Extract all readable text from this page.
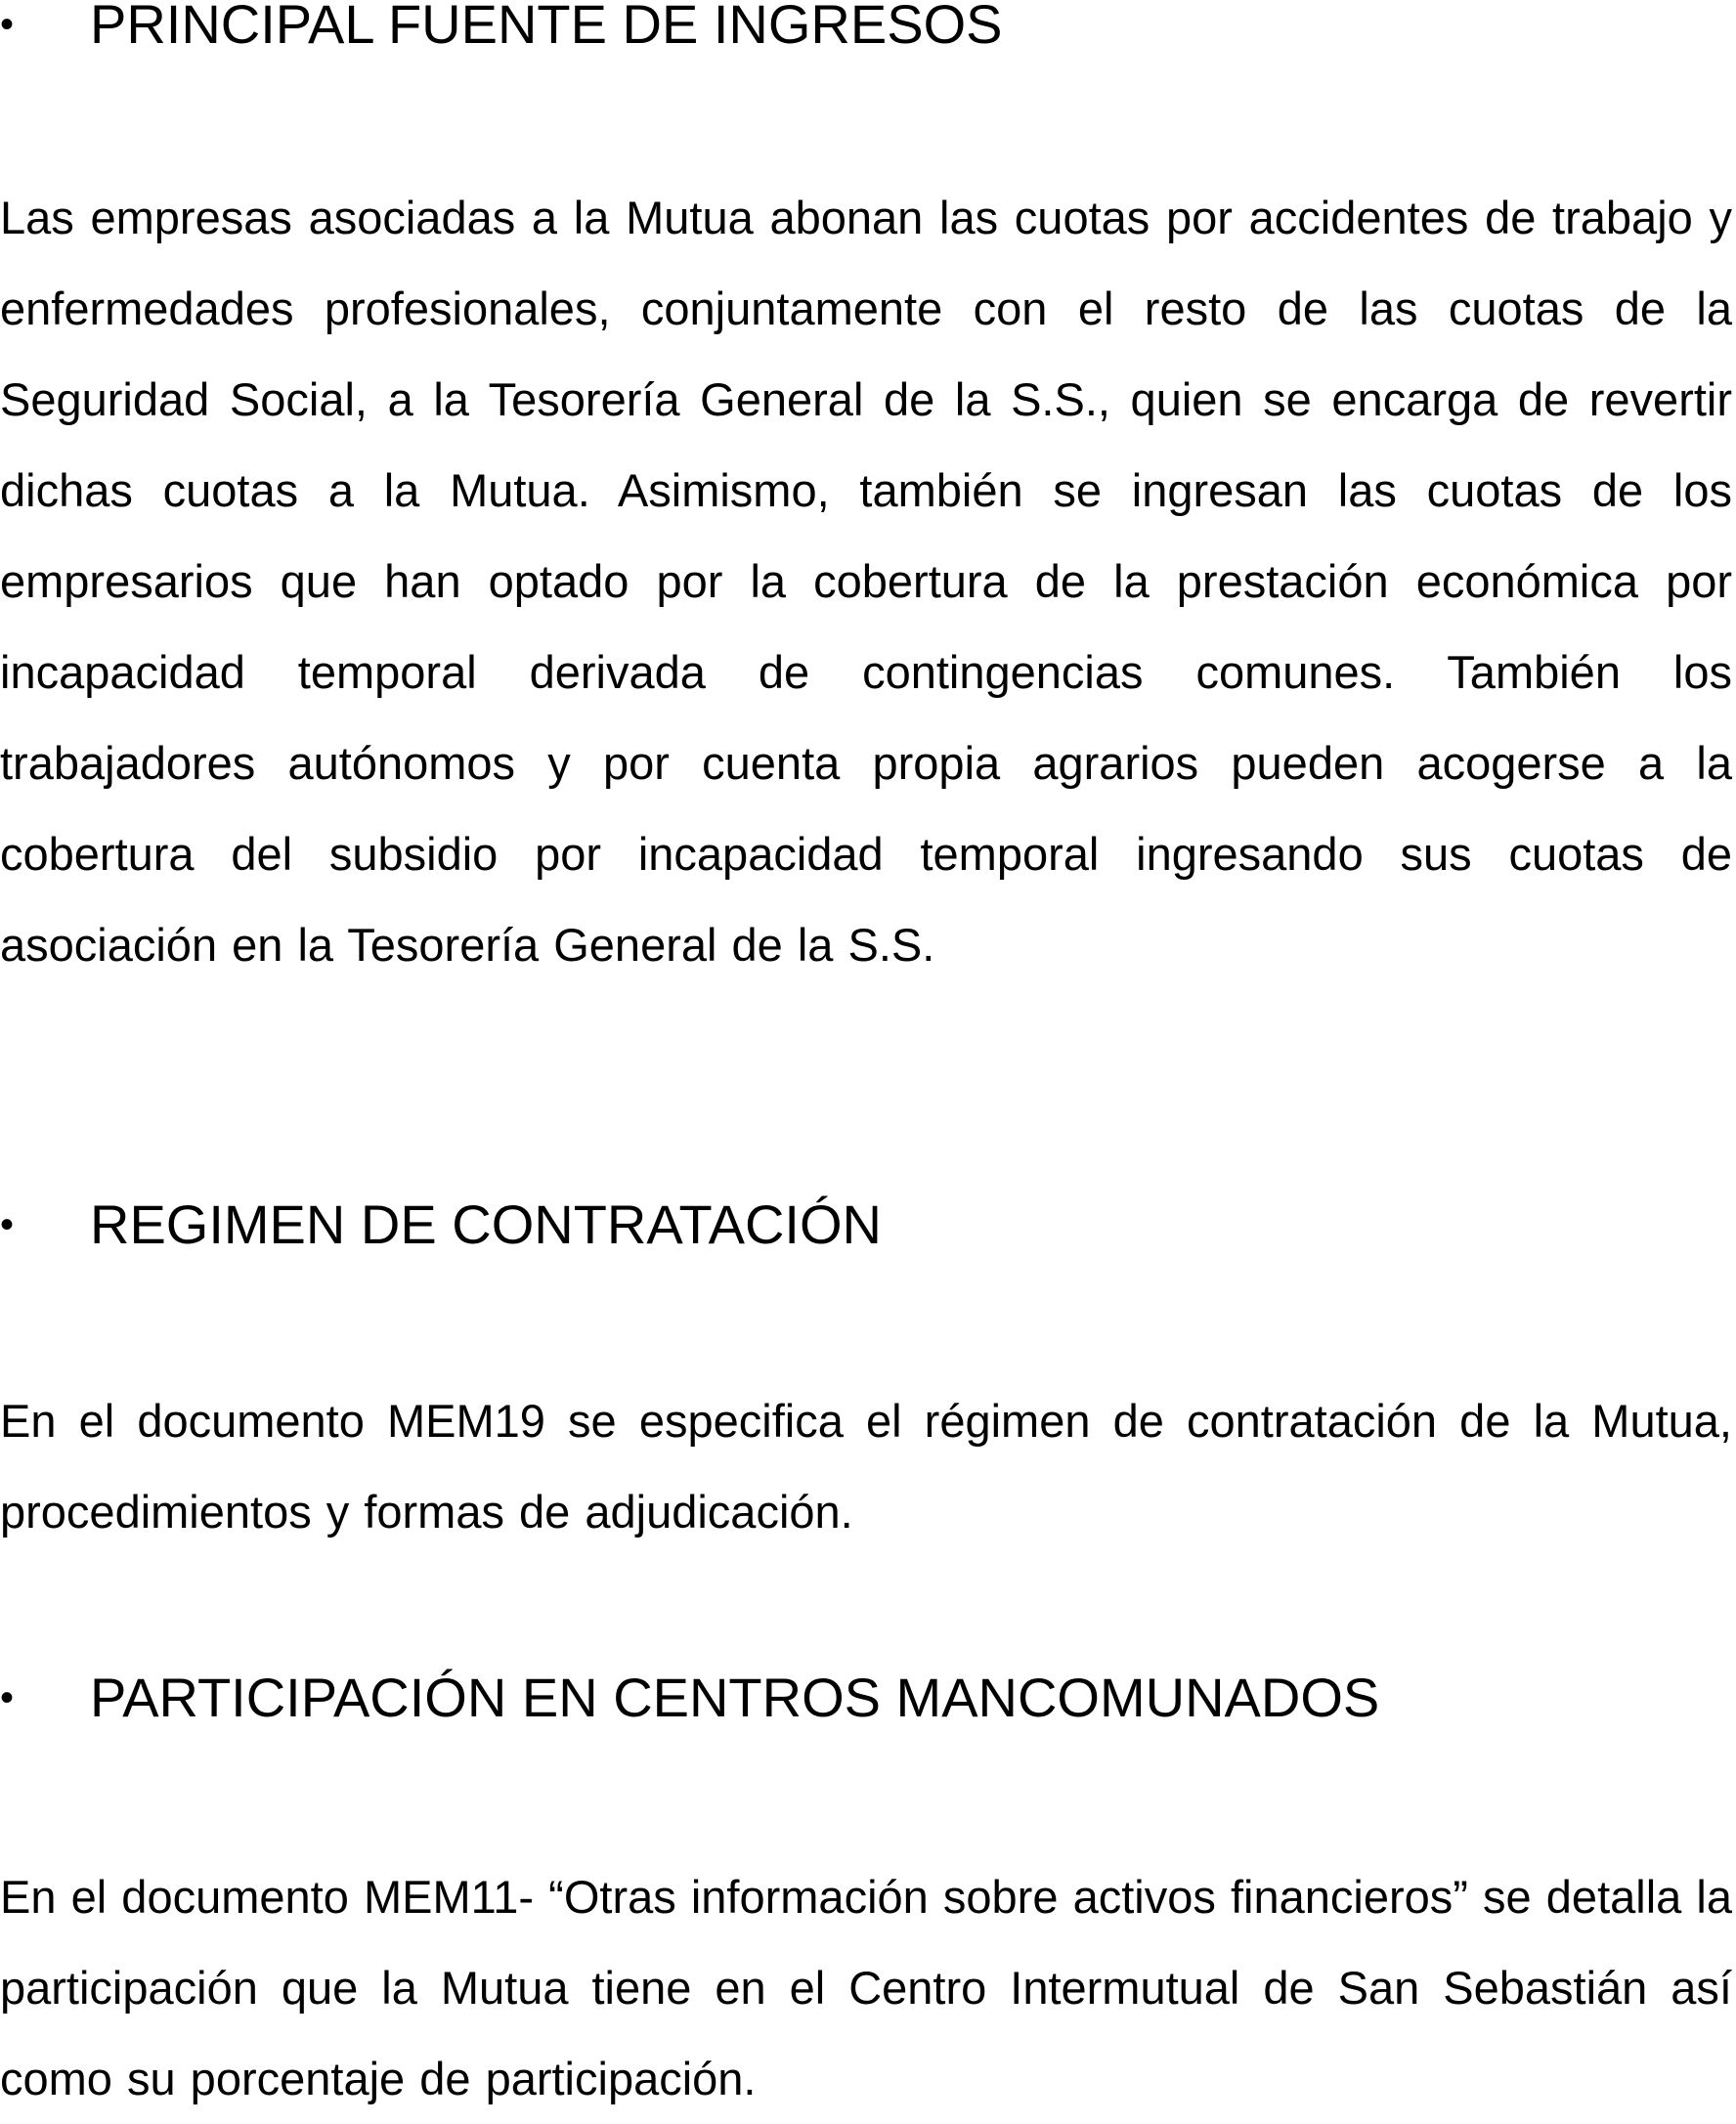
•	PRINCIPAL FUENTE DE INGRESOS

Las empresas asociadas a la Mutua abonan las cuotas por accidentes de trabajo y enfermedades profesionales, conjuntamente con el resto de las cuotas de la Seguridad Social, a la Tesorería General de la S.S., quien se encarga de revertir dichas cuotas a la Mutua. Asimismo, también se ingresan las cuotas de los empresarios que han optado por la cobertura de la prestación económica por incapacidad temporal derivada de contingencias comunes. También los trabajadores autónomos y por cuenta propia agrarios pueden acogerse a la cobertura del subsidio por incapacidad temporal ingresando sus cuotas de asociación en la Tesorería General de la S.S.

•	REGIMEN DE CONTRATACIÓN

En el documento MEM19 se especifica el régimen de contratación de la Mutua, procedimientos y formas de adjudicación.

•	PARTICIPACIÓN EN CENTROS MANCOMUNADOS

En el documento MEM11- “Otras información sobre activos financieros” se detalla la participación que la Mutua tiene en el Centro Intermutual de San Sebastián así como su porcentaje de participación.
